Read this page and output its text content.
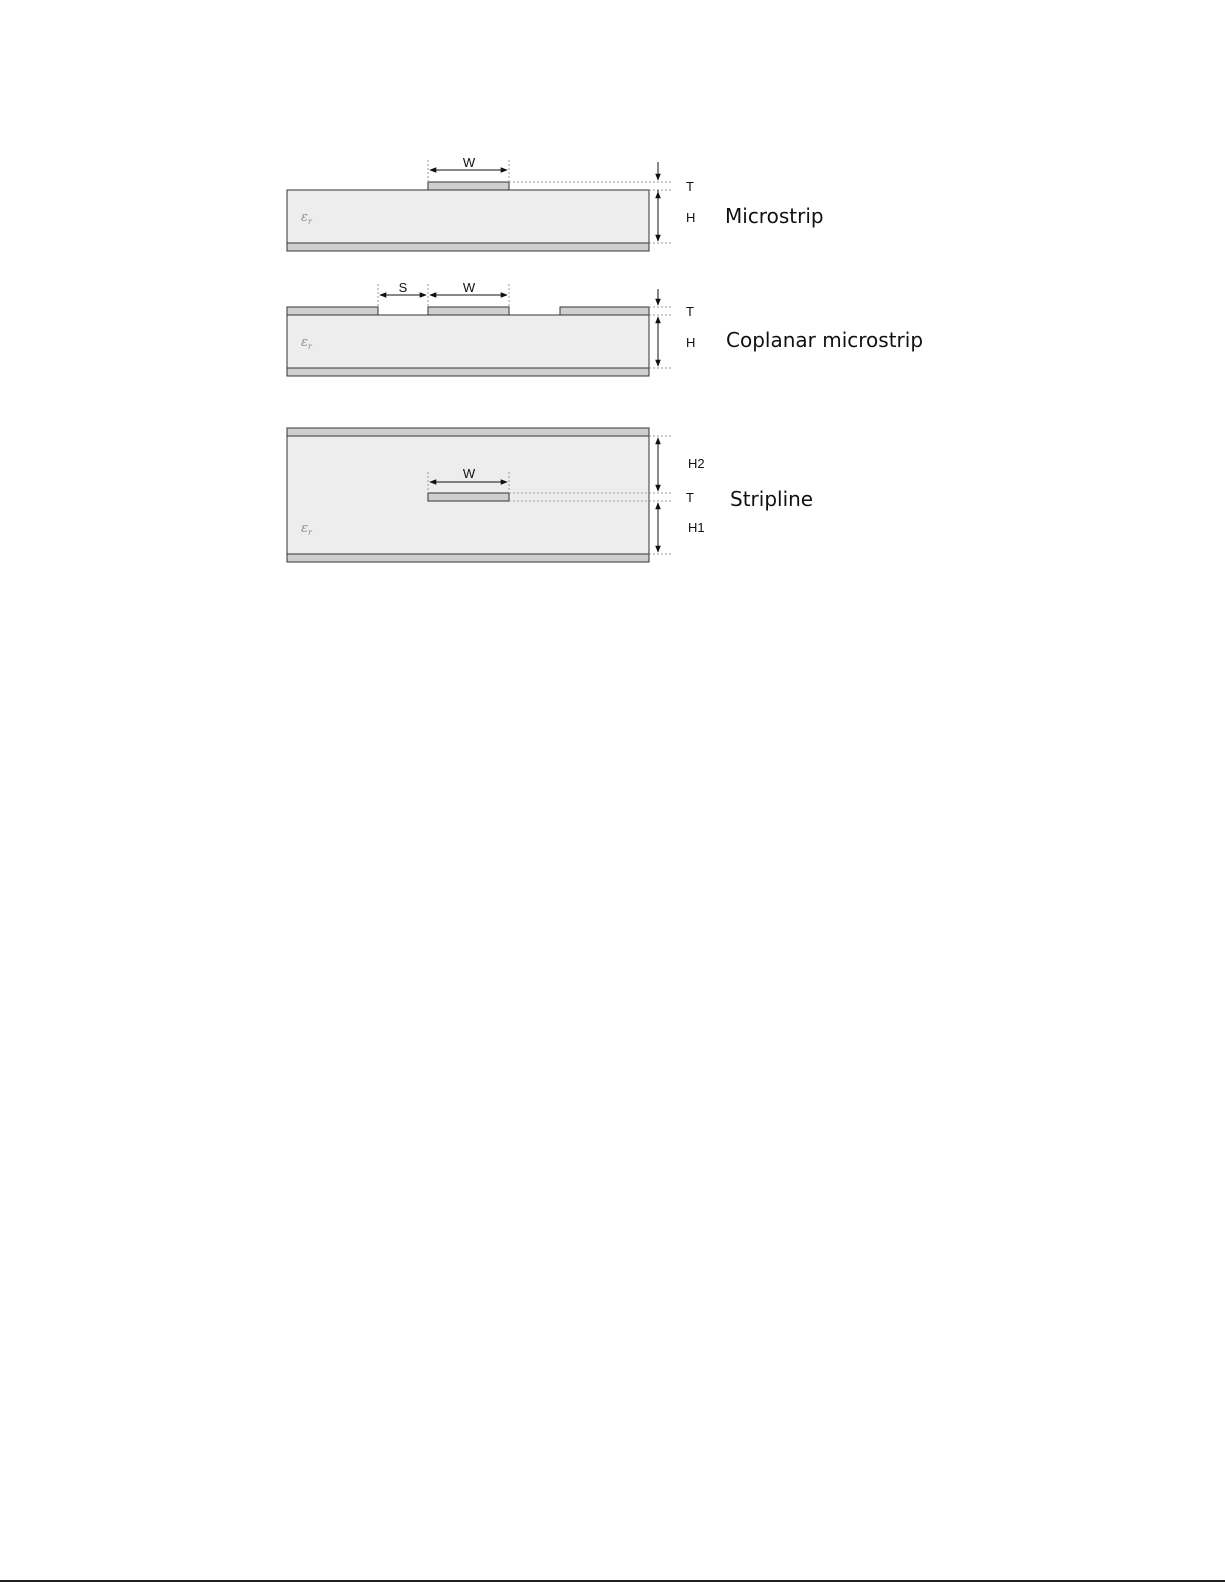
$\varepsilon_r$
W
T
H Microstrip
$\varepsilon_r$
S	W
T
H Coplanar microstrip
$\varepsilon_r$
W
H2
T
H1
Stripline
